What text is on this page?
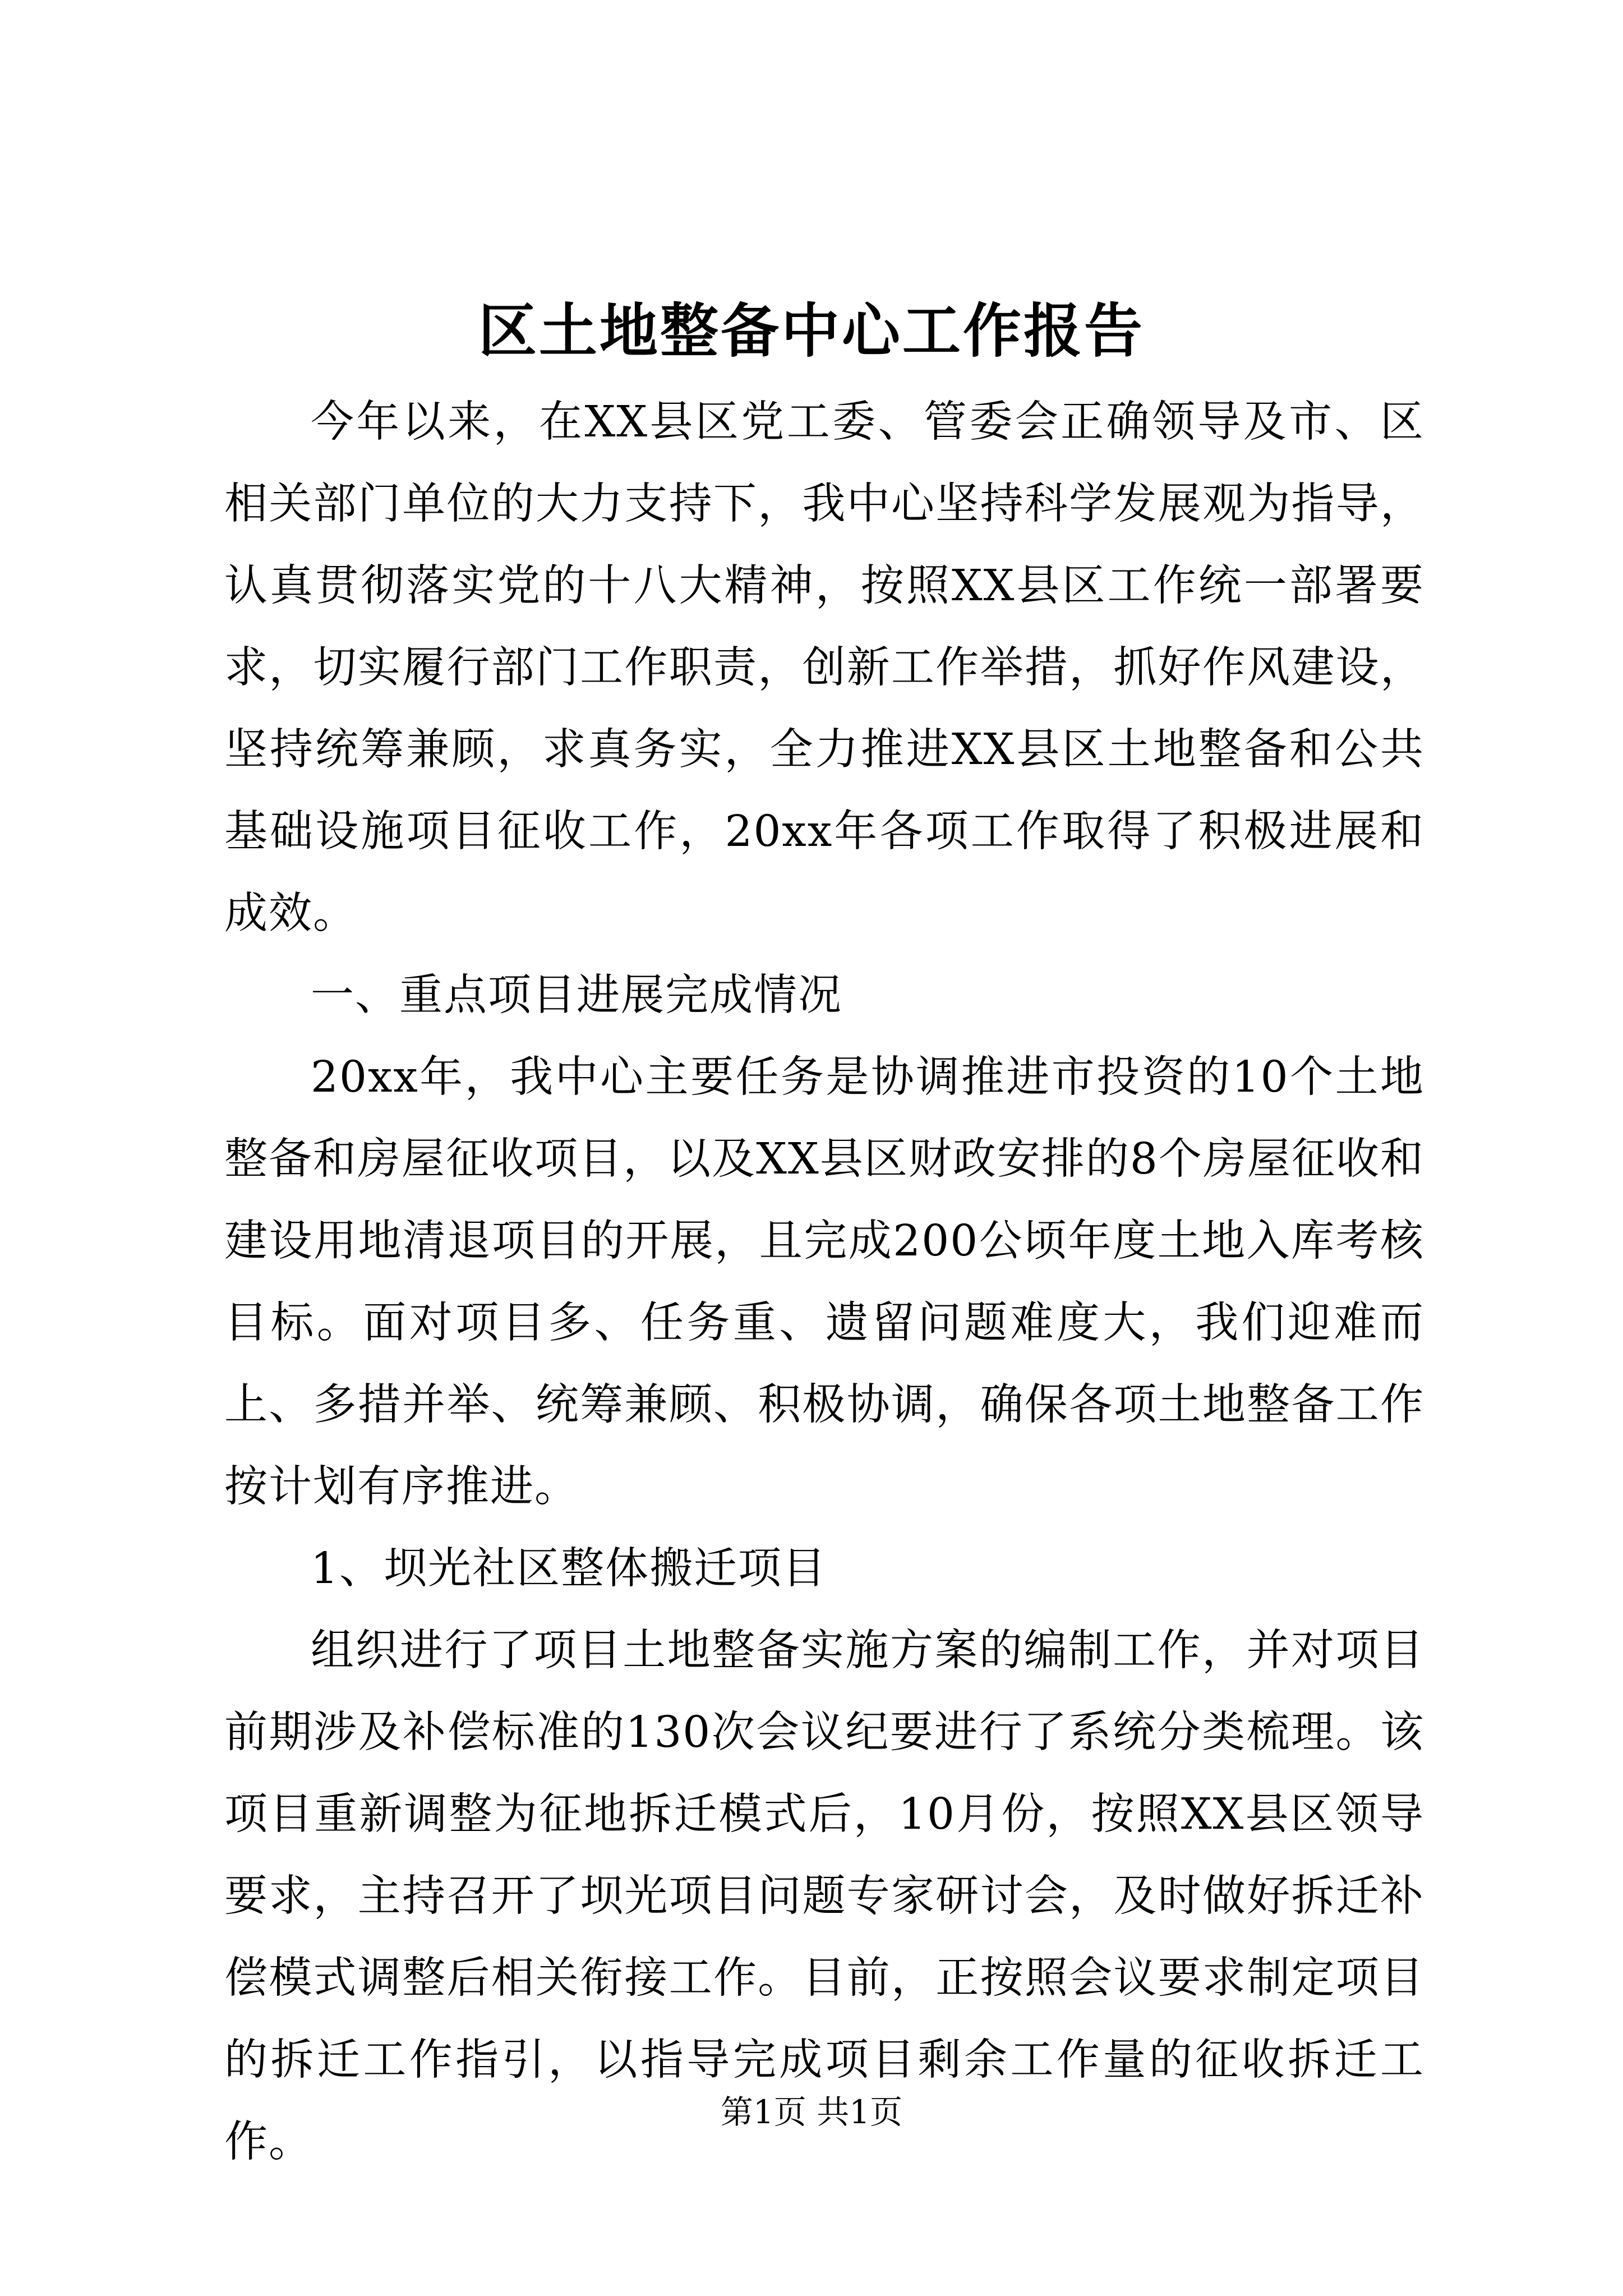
区土地整备中心工作报告

今年以来，在XX县区党工委、管委会正确领导及市、区相关部门单位的大力支持下，我中心坚持科学发展观为指导，认真贯彻落实党的十八大精神，按照XX县区工作统一部署要求，切实履行部门工作职责，创新工作举措，抓好作风建设，坚持统筹兼顾，求真务实，全力推进XX县区土地整备和公共基础设施项目征收工作，20xx年各项工作取得了积极进展和成效。

一、重点项目进展完成情况

20xx年，我中心主要任务是协调推进市投资的10个土地整备和房屋征收项目，以及XX县区财政安排的8个房屋征收和建设用地清退项目的开展，且完成200公顷年度土地入库考核目标。面对项目多、任务重、遗留问题难度大，我们迎难而上、多措并举、统筹兼顾、积极协调，确保各项土地整备工作按计划有序推进。

1、坝光社区整体搬迁项目

组织进行了项目土地整备实施方案的编制工作，并对项目前期涉及补偿标准的130次会议纪要进行了系统分类梳理。该项目重新调整为征地拆迁模式后，10月份，按照XX县区领导要求，主持召开了坝光项目问题专家研讨会，及时做好拆迁补偿模式调整后相关衔接工作。目前，正按照会议要求制定项目的拆迁工作指引，以指导完成项目剩余工作量的征收拆迁工作。

第1页 共1页
